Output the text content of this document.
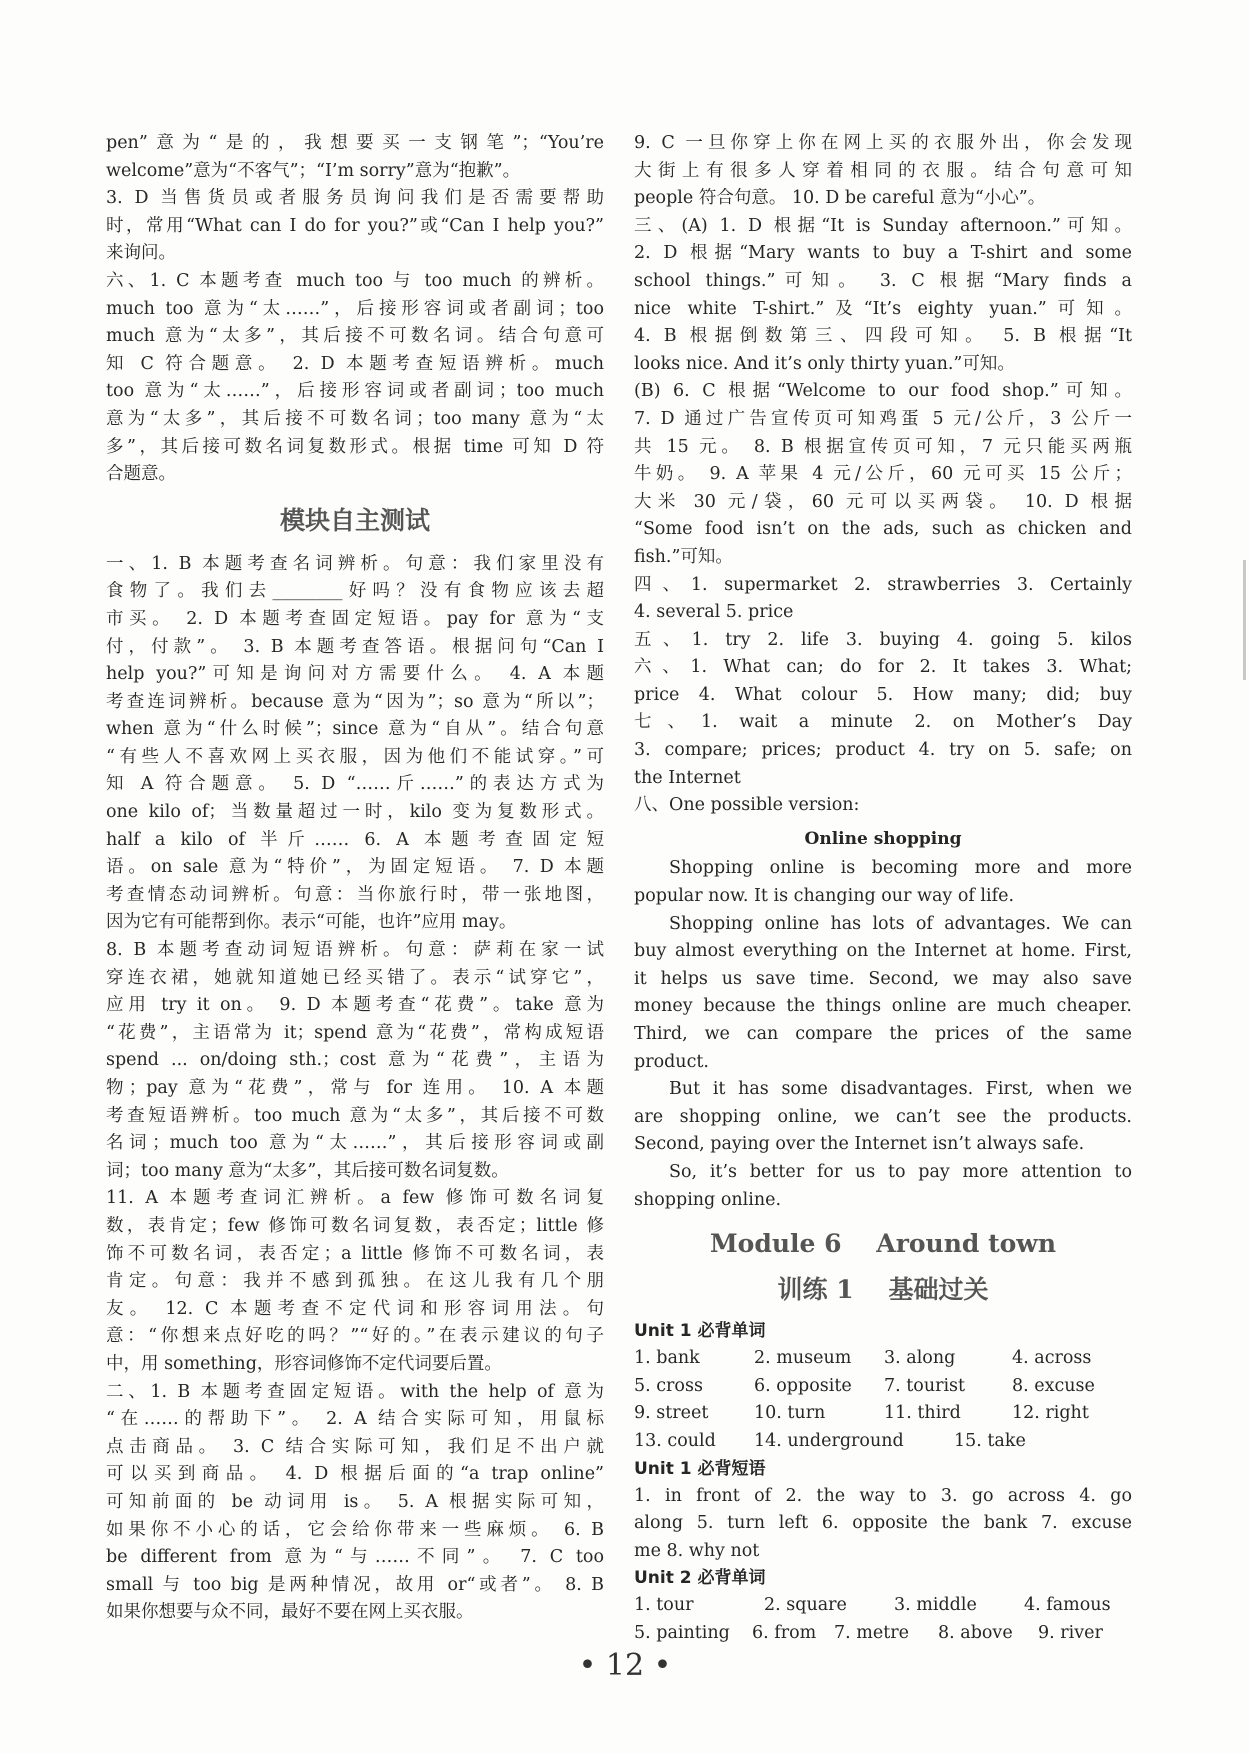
pen”意为“是的，我想要买一支钢笔”；“You’re

welcome”意为“不客气”；“I’m sorry”意为“抱歉”。

3. D 当售货员或者服务员询问我们是否需要帮助

时，常用“What can I do for you?”或“Can I help you?”

来询问。

六、1. C 本题考查 much too 与 too much 的辨析。

much too 意为“太……”，后接形容词或者副词；too

much 意为“太多”，其后接不可数名词。结合句意可

知 C 符合题意。 2. D 本题考查短语辨析。much

too 意为“太……”，后接形容词或者副词；too much

意为“太多”，其后接不可数名词；too many 意为“太

多”，其后接可数名词复数形式。根据 time 可知 D 符

合题意。

模块自主测试

一、1. B 本题考查名词辨析。句意：我们家里没有

食物了。我们去________好吗？没有食物应该去超

市买。 2. D 本题考查固定短语。pay for 意为“支

付，付款”。 3. B 本题考查答语。根据问句“Can I

help you?”可知是询问对方需要什么。 4. A 本题

考查连词辨析。because 意为“因为”；so 意为“所以”；

when 意为“什么时候”；since 意为“自从”。结合句意

“有些人不喜欢网上买衣服，因为他们不能试穿。”可

知 A 符合题意。 5. D “……斤……”的表达方式为

one kilo of；当数量超过一时，kilo 变为复数形式。

half a kilo of 半斤…… 6. A 本题考查固定短

语。on sale 意为“特价”，为固定短语。 7. D 本题

考查情态动词辨析。句意：当你旅行时，带一张地图，

因为它有可能帮到你。表示“可能，也许”应用 may。

8. B 本题考查动词短语辨析。句意：萨莉在家一试

穿连衣裙，她就知道她已经买错了。表示“试穿它”，

应用 try it on。 9. D 本题考查“花费”。take 意为

“花费”，主语常为 it；spend 意为“花费”，常构成短语

spend ... on/doing sth.；cost 意为“花费”，主语为

物；pay 意为“花费”，常与 for 连用。 10. A 本题

考查短语辨析。too much 意为“太多”，其后接不可数

名词；much too 意为“太……”，其后接形容词或副

词；too many 意为“太多”，其后接可数名词复数。

11. A 本题考查词汇辨析。a few 修饰可数名词复

数，表肯定；few 修饰可数名词复数，表否定；little 修

饰不可数名词，表否定；a little 修饰不可数名词，表

肯定。句意：我并不感到孤独。在这儿我有几个朋

友。 12. C 本题考查不定代词和形容词用法。句

意：“你想来点好吃的吗？”“好的。”在表示建议的句子

中，用 something，形容词修饰不定代词要后置。

二、1. B 本题考查固定短语。with the help of 意为

“在……的帮助下”。 2. A 结合实际可知，用鼠标

点击商品。 3. C 结合实际可知，我们足不出户就

可以买到商品。 4. D 根据后面的“a trap online”

可知前面的 be 动词用 is。 5. A 根据实际可知，

如果你不小心的话，它会给你带来一些麻烦。 6. B

be different from 意为“与……不同”。 7. C too

small 与 too big 是两种情况，故用 or“或者”。 8. B

如果你想要与众不同，最好不要在网上买衣服。

9. C 一旦你穿上你在网上买的衣服外出，你会发现

大街上有很多人穿着相同的衣服。结合句意可知

people 符合句意。 10. D be careful 意为“小心”。

三、(A) 1. D 根据“It is Sunday afternoon.”可知。

2. D 根据“Mary wants to buy a T-shirt and some

school things.”可知。 3. C 根据“Mary finds a

nice white T-shirt.”及“It’s eighty yuan.”可知。

4. B 根据倒数第三、四段可知。 5. B 根据“It

looks nice. And it’s only thirty yuan.”可知。

(B) 6. C 根据“Welcome to our food shop.”可知。

7. D 通过广告宣传页可知鸡蛋 5 元/公斤，3 公斤一

共 15 元。 8. B 根据宣传页可知，7 元只能买两瓶

牛奶。 9. A 苹果 4 元/公斤，60 元可买 15 公斤；

大米 30 元/袋，60 元可以买两袋。 10. D 根据

“Some food isn’t on the ads, such as chicken and

fish.”可知。

四、1. supermarket 2. strawberries 3. Certainly

4. several 5. price

五、1. try 2. life 3. buying 4. going 5. kilos

六、1. What can; do for 2. It takes 3. What;

price 4. What colour 5. How many; did; buy

七、1. wait a minute 2. on Mother’s Day

3. compare; prices; product 4. try on 5. safe; on

the Internet

八、One possible version:

Online shopping

Shopping online is becoming more and more

popular now. It is changing our way of life.

Shopping online has lots of advantages. We can

buy almost everything on the Internet at home. First,

it helps us save time. Second, we may also save

money because the things online are much cheaper.

Third, we can compare the prices of the same

product.

But it has some disadvantages. First, when we

are shopping online, we can’t see the products.

Second, paying over the Internet isn’t always safe.

So, it’s better for us to pay more attention to

shopping online.

Module 6    Around town
训练 1    基础过关
Unit 1 必背单词
1. bank	2. museum	3. along	4. across
5. cross	6. opposite	7. tourist	8. excuse
9. street	10. turn	11. third	12. right
13. could	14. underground	15. take
Unit 1 必背短语

1. in front of 2. the way to 3. go across 4. go

along 5. turn left 6. opposite the bank 7. excuse

me 8. why not

Unit 2 必背单词
1. tour	2. square	3. middle	4. famous
5. painting	6. from	7. metre	8. above	9. river
• 12 •
